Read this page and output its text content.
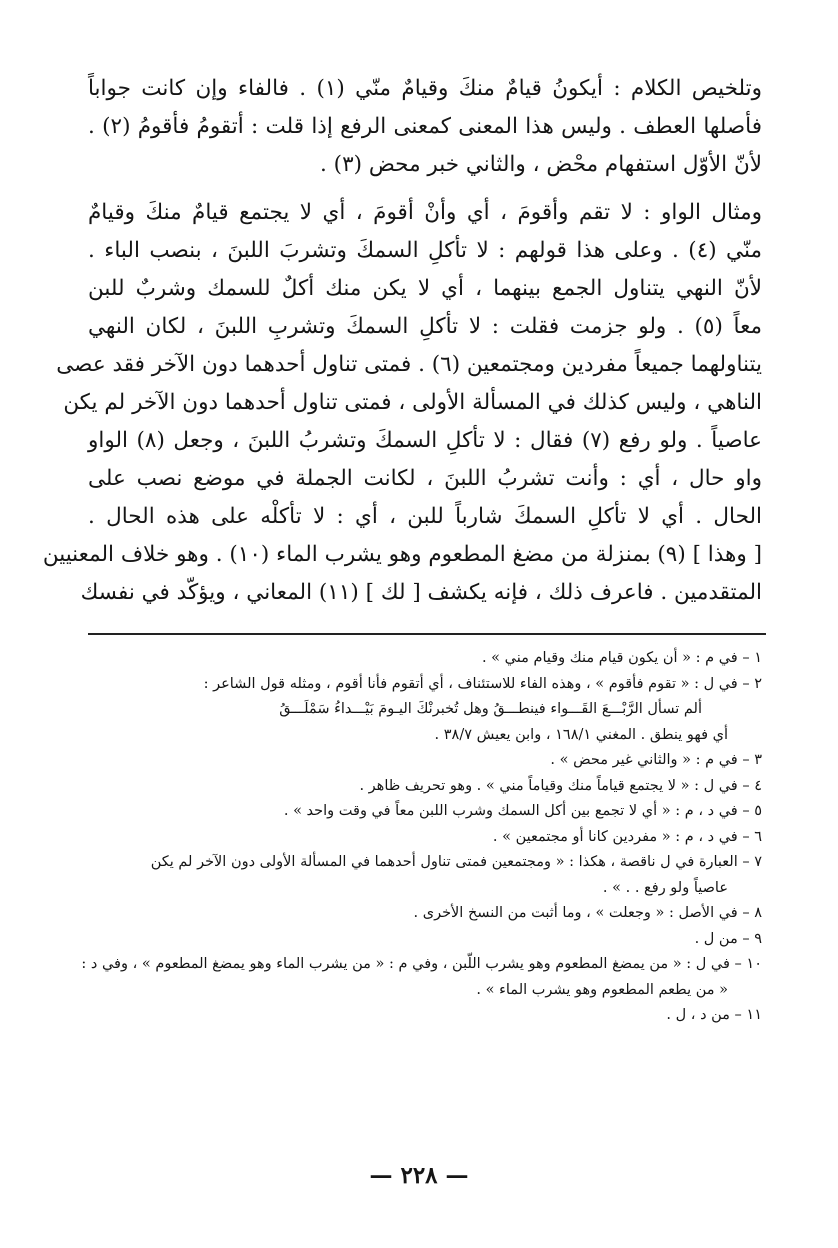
وتلخيص الكلام : أيكونُ قيامٌ منكَ وقيامٌ منّي (١) . فالفاء وإن كانت جواباً
فأصلها العطف . وليس هذا المعنى كمعنى الرفع إذا قلت : أتقومُ فأقومُ (٢) .
لأنّ الأوّل استفهام محْض ، والثاني خبر محض (٣) .
ومثال الواو : لا تقم وأقومَ ، أي وأنْ أقومَ ، أي لا يجتمع قيامٌ منكَ وقيامٌ
منّي (٤) . وعلى هذا قولهم : لا تأكلِ السمكَ وتشربَ اللبنَ ، بنصب الباء .
لأنّ النهي يتناول الجمع بينهما ، أي لا يكن منك أكلٌ للسمك وشربٌ للبن
معاً (٥) . ولو جزمت فقلت : لا تأكلِ السمكَ وتشربِ اللبنَ ، لكان النهي
يتناولهما جميعاً مفردين ومجتمعين (٦) . فمتى تناول أحدهما دون الآخر فقد عصى
الناهي ، وليس كذلك في المسألة الأولى ، فمتى تناول أحدهما دون الآخر لم يكن
عاصياً . ولو رفع (٧) فقال : لا تأكلِ السمكَ وتشربُ اللبنَ ، وجعل (٨) الواو
واو حال ، أي : وأنت تشربُ اللبنَ ، لكانت الجملة في موضع نصب على
الحال . أي لا تأكلِ السمكَ شارباً للبن ، أي : لا تأكلْه على هذه الحال .
[ وهذا ] (٩) بمنزلة من مضغ المطعوم وهو يشرب الماء (١٠) . وهو خلاف المعنيين
المتقدمين . فاعرف ذلك ، فإنه يكشف [ لك ] (١١) المعاني ، ويؤكّد في نفسك
١ – في م : « أن يكون قيام منك وقيام مني » .
٢ – في ل : « تقوم فأقوم » ، وهذه الفاء للاستئناف ، أي أتقوم فأنا أقوم ، ومثله قول الشاعر :
ألم تسأل الرَّبْـــعَ القَـــواء فينطـــقُ وهل تُخبرنْكَ اليـومَ بَيْـــداءُ سَمْلَـــقُ
أي فهو ينطق . المغني ١٦٨/١ ، وابن يعيش ٣٨/٧ .
٣ – في م : « والثاني غير محض » .
٤ – في ل : « لا يجتمع قياماً منك وقياماً مني » . وهو تحريف ظاهر .
٥ – في د ، م : « أي لا تجمع بين أكل السمك وشرب اللبن معاً في وقت واحد » .
٦ – في د ، م : « مفردين كانا أو مجتمعين » .
٧ – العبارة في ل ناقصة ، هكذا : « ومجتمعين فمتى تناول أحدهما في المسألة الأولى دون الآخر لم يكن
عاصياً ولو رفع . . » .
٨ – في الأصل : « وجعلت » ، وما أثبت من النسخ الأخرى .
٩ – من ل .
١٠ – في ل : « من يمضغ المطعوم وهو يشرب اللّبن ، وفي م : « من يشرب الماء وهو يمضغ المطعوم » ، وفي د :
« من يطعم المطعوم وهو يشرب الماء » .
١١ – من د ، ل .
— ٢٢٨ —
